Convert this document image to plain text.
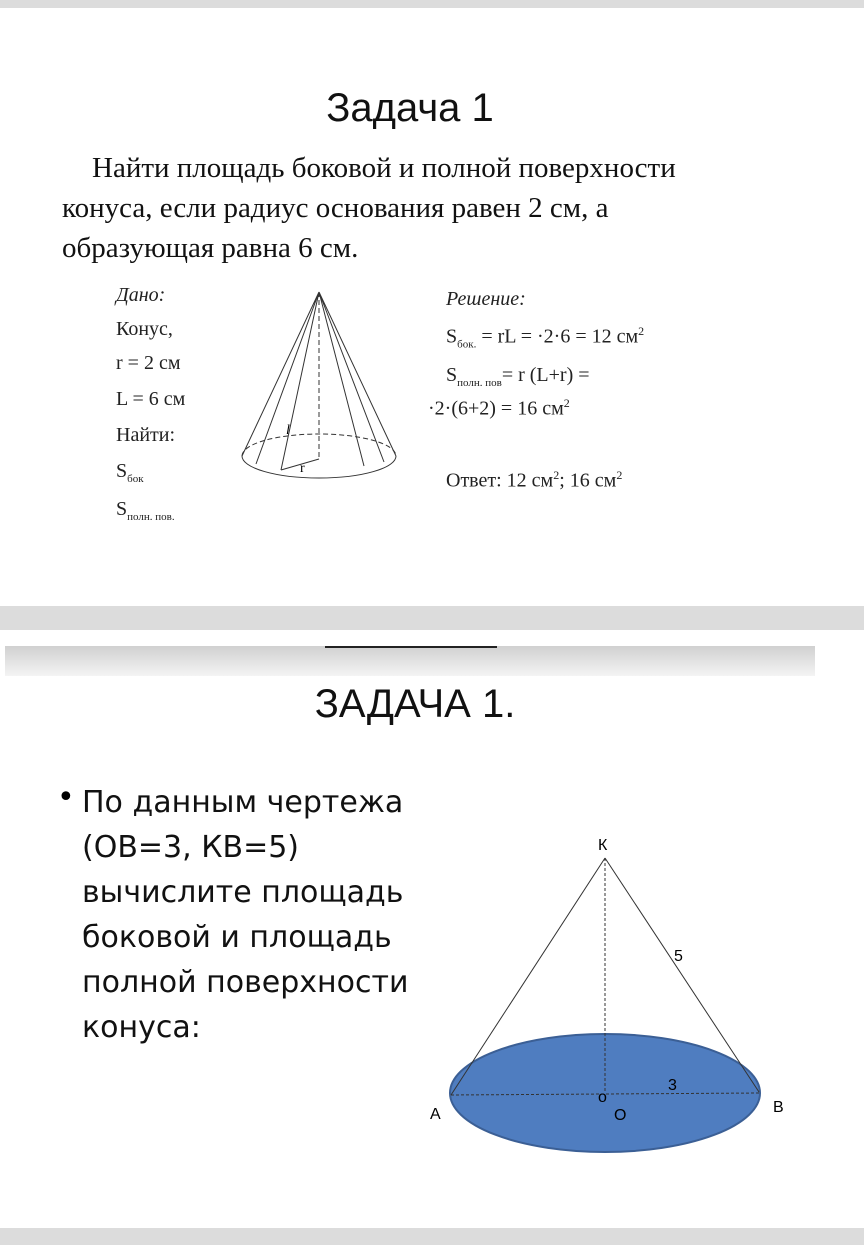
Задача 1
Найти площадь боковой и полной поверхности конуса, если радиус основания равен 2 см, а образующая равна 6 см.
Дано:
Конус,
r = 2 см
L = 6 см
Найти:
$S_{бок}$
$S_{полн. пов.}$
l
r
Решение:
$S_{бок.}$ = rL = ·2·6 = 12 $см^2$
$S_{полн. пов}= r$ (L+r) =
·2·(6+2) = 16 $см^2$
Ответ: 12 $см^2$; 16 $см^2$
ЗАДАЧА 1.
• По данным чертежа (ОВ=3, КВ=5) вычислите площадь боковой и площадь полной поверхности конуса:
К
А	В
О
o
5
3
